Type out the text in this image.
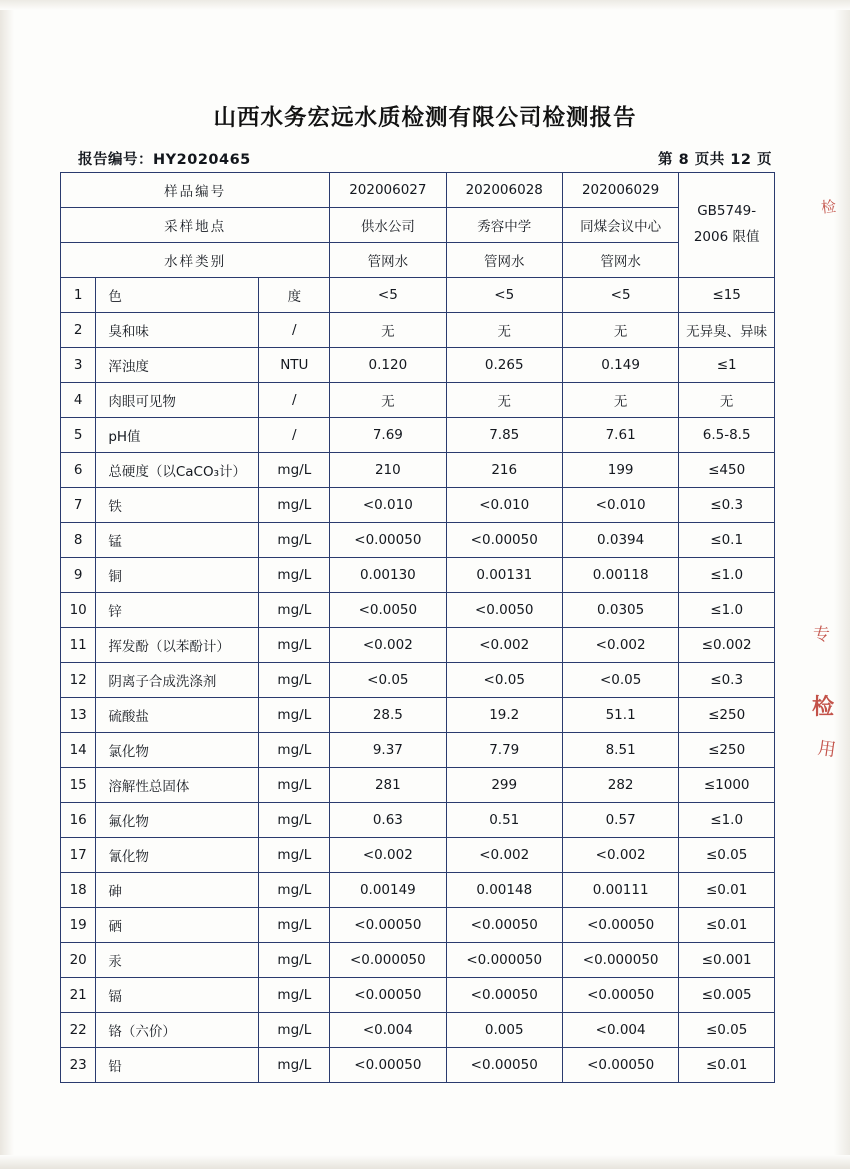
山西水务宏远水质检测有限公司检测报告
报告编号：HY2020465	第 8 页共 12 页
样品编号			202006027	202006028	202006029	GB5749-
2006 限值
采样地点			供水公司	秀容中学	同煤会议中心	
水样类别			管网水	管网水	管网水	
1	色	度	<5	<5	<5	≤15
2	臭和味	/	无	无	无	无异臭、异味
3	浑浊度	NTU	0.120	0.265	0.149	≤1
4	肉眼可见物	/	无	无	无	无
5	pH值	/	7.69	7.85	7.61	6.5-8.5
6	总硬度（以CaCO₃计）	mg/L	210	216	199	≤450
7	铁	mg/L	<0.010	<0.010	<0.010	≤0.3
8	锰	mg/L	<0.00050	<0.00050	0.0394	≤0.1
9	铜	mg/L	0.00130	0.00131	0.00118	≤1.0
10	锌	mg/L	<0.0050	<0.0050	0.0305	≤1.0
11	挥发酚（以苯酚计）	mg/L	<0.002	<0.002	<0.002	≤0.002
12	阴离子合成洗涤剂	mg/L	<0.05	<0.05	<0.05	≤0.3
13	硫酸盐	mg/L	28.5	19.2	51.1	≤250
14	氯化物	mg/L	9.37	7.79	8.51	≤250
15	溶解性总固体	mg/L	281	299	282	≤1000
16	氟化物	mg/L	0.63	0.51	0.57	≤1.0
17	氰化物	mg/L	<0.002	<0.002	<0.002	≤0.05
18	砷	mg/L	0.00149	0.00148	0.00111	≤0.01
19	硒	mg/L	<0.00050	<0.00050	<0.00050	≤0.01
20	汞	mg/L	<0.000050	<0.000050	<0.000050	≤0.001
21	镉	mg/L	<0.00050	<0.00050	<0.00050	≤0.005
22	铬（六价）	mg/L	<0.004	0.005	<0.004	≤0.05
23	铅	mg/L	<0.00050	<0.00050	<0.00050	≤0.01
检
专
检
用
